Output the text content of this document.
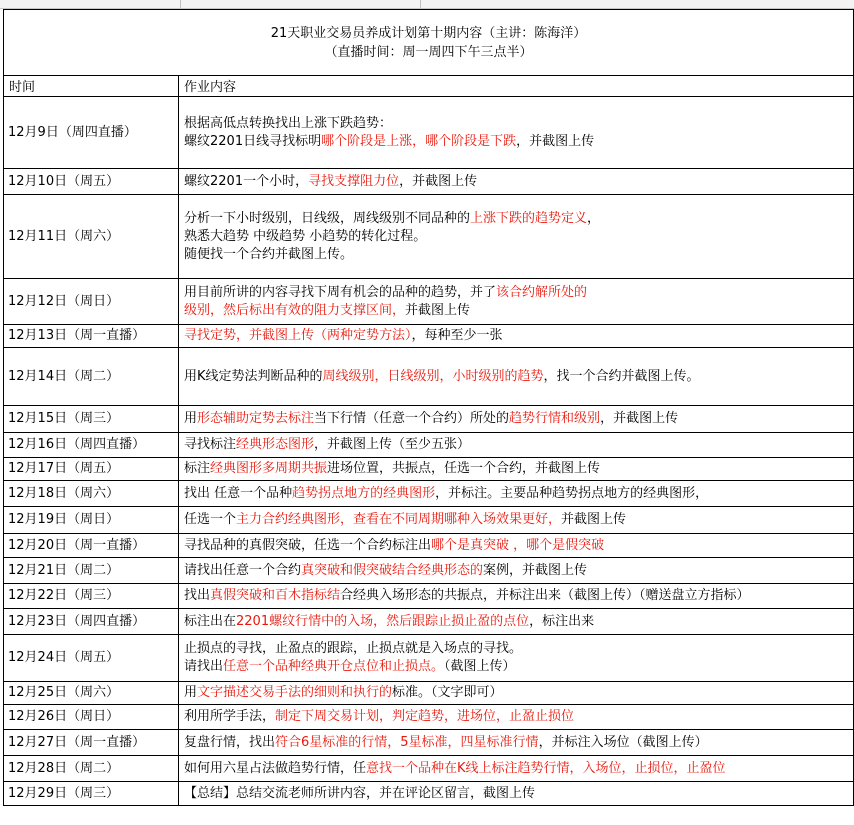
21天职业交易员养成计划第十期内容（主讲：陈海洋）
（直播时间：周一周四下午三点半）	

时间	作业内容
12月9日（周四直播）	根据高低点转换找出上涨下跌趋势：
螺纹2201日线寻找标明哪个阶段是上涨，哪个阶段是下跌，并截图上传

12月10日（周五）	螺纹2201一个小时，寻找支撑阻力位，并截图上传

12月11日（周六）	分析一下小时级别，日线级，周线级别不同品种的上涨下跌的趋势定义，
熟悉大趋势 中级趋势 小趋势的转化过程。
随便找一个合约并截图上传。

12月12日（周日）	用目前所讲的内容寻找下周有机会的品种的趋势，并了该合约解所处的
级别，然后标出有效的阻力支撑区间，并截图上传

12月13日（周一直播）	寻找定势，并截图上传（两种定势方法），每种至少一张

12月14日（周二）	用K线定势法判断品种的周线级别，日线级别，小时级别的趋势，找一个合约并截图上传。

12月15日（周三）	用形态辅助定势去标注当下行情（任意一个合约）所处的趋势行情和级别，并截图上传

12月16日（周四直播）	寻找标注经典形态图形，并截图上传（至少五张）

12月17日（周五）	标注经典图形多周期共振进场位置，共振点，任选一个合约，并截图上传

12月18日（周六）	找出 任意一个品种趋势拐点地方的经典图形，并标注。主要品种趋势拐点地方的经典图形，

12月19日（周日）	任选一个主力合约经典图形，查看在不同周期哪种入场效果更好，并截图上传

12月20日（周一直播）	寻找品种的真假突破，任选一个合约标注出哪个是真突破 ，哪个是假突破

12月21日（周二）	请找出任意一个合约真突破和假突破结合经典形态的案例，并截图上传

12月22日（周三）	找出真假突破和百木指标结合经典入场形态的共振点，并标注出来（截图上传）（赠送盘立方指标）

12月23日（周四直播）	标注出在2201螺纹行情中的入场，然后跟踪止损止盈的点位，标注出来

12月24日（周五）	止损点的寻找，止盈点的跟踪，止损点就是入场点的寻找。
请找出任意一个品种经典开仓点位和止损点。（截图上传）

12月25日（周六）	用文字描述交易手法的细则和执行的标准。（文字即可）

12月26日（周日）	利用所学手法，制定下周交易计划，判定趋势，进场位，止盈止损位

12月27日（周一直播）	复盘行情，找出符合6星标准的行情，5星标准，四星标准行情，并标注入场位（截图上传）

12月28日（周二）	如何用六星占法做趋势行情，任意找一个品种在K线上标注趋势行情，入场位，止损位，止盈位

12月29日（周三）	【总结】总结交流老师所讲内容，并在评论区留言，截图上传
